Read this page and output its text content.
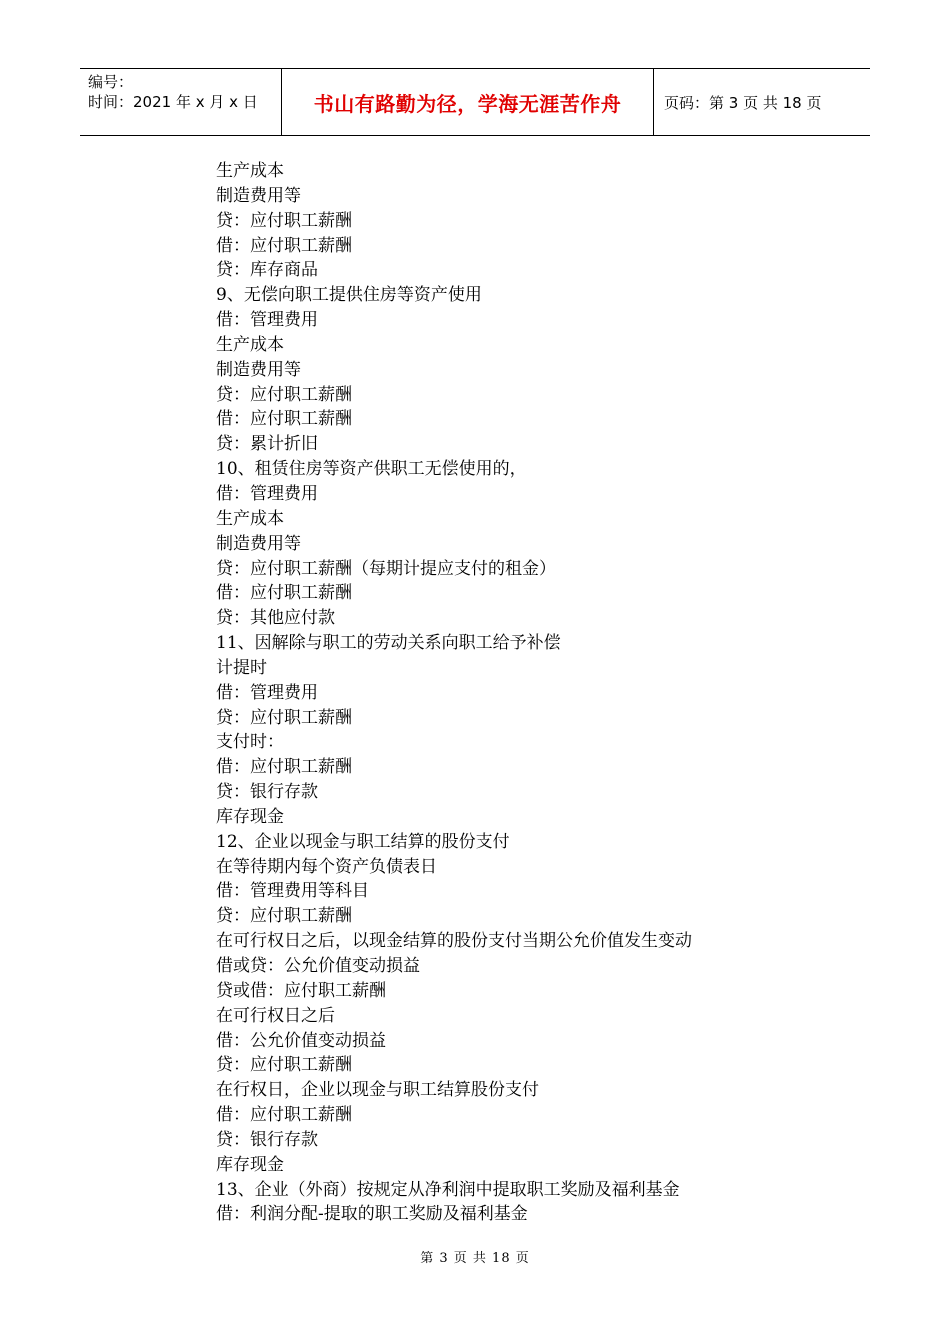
编号：
时间：2021 年 x 月 x 日	书山有路勤为径，学海无涯苦作舟	页码：第 3 页 共 18 页
生产成本
制造费用等
贷：应付职工薪酬
借：应付职工薪酬
贷：库存商品
9、无偿向职工提供住房等资产使用
借：管理费用
生产成本
制造费用等
贷：应付职工薪酬
借：应付职工薪酬
贷：累计折旧
10、租赁住房等资产供职工无偿使用的，
借：管理费用
生产成本
制造费用等
贷：应付职工薪酬（每期计提应支付的租金）
借：应付职工薪酬
贷：其他应付款
11、因解除与职工的劳动关系向职工给予补偿
计提时
借：管理费用
贷：应付职工薪酬
支付时：
借：应付职工薪酬
贷：银行存款
库存现金
12、企业以现金与职工结算的股份支付
在等待期内每个资产负债表日
借：管理费用等科目
贷：应付职工薪酬
在可行权日之后，以现金结算的股份支付当期公允价值发生变动
借或贷：公允价值变动损益
贷或借：应付职工薪酬
在可行权日之后
借：公允价值变动损益
贷：应付职工薪酬
在行权日，企业以现金与职工结算股份支付
借：应付职工薪酬
贷：银行存款
库存现金
13、企业（外商）按规定从净利润中提取职工奖励及福利基金
借：利润分配-提取的职工奖励及福利基金
第 3 页 共 18 页
